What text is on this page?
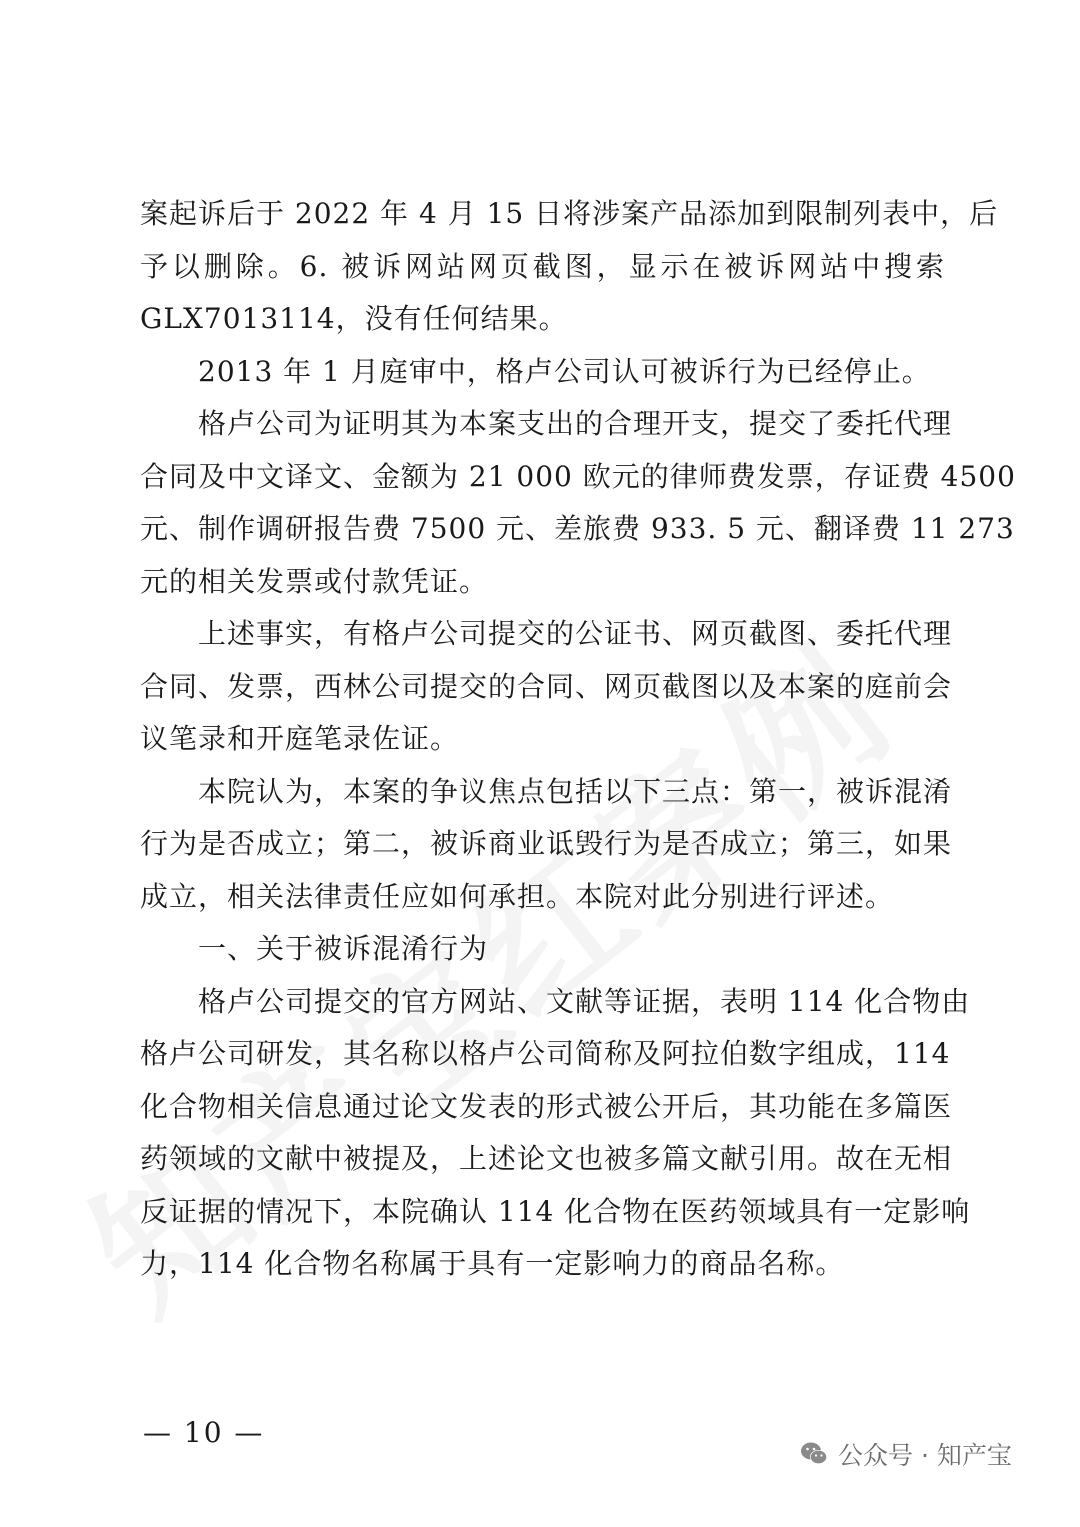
案起诉后于 2022 年 4 月 15 日将涉案产品添加到限制列表中，后
予以删除。6. 被诉网站网页截图，显示在被诉网站中搜索
GLX7013114，没有任何结果。
2013 年 1 月庭审中，格卢公司认可被诉行为已经停止。
格卢公司为证明其为本案支出的合理开支，提交了委托代理
合同及中文译文、金额为 21 000 欧元的律师费发票，存证费 4500
元、制作调研报告费 7500 元、差旅费 933. 5 元、翻译费 11 273
元的相关发票或付款凭证。
上述事实，有格卢公司提交的公证书、网页截图、委托代理
合同、发票，西林公司提交的合同、网页截图以及本案的庭前会
议笔录和开庭笔录佐证。
本院认为，本案的争议焦点包括以下三点：第一，被诉混淆
行为是否成立；第二，被诉商业诋毁行为是否成立；第三，如果
成立，相关法律责任应如何承担。本院对此分别进行评述。
一、关于被诉混淆行为
格卢公司提交的官方网站、文献等证据，表明 114 化合物由
格卢公司研发，其名称以格卢公司简称及阿拉伯数字组成，114
化合物相关信息通过论文发表的形式被公开后，其功能在多篇医
药领域的文献中被提及，上述论文也被多篇文献引用。故在无相
反证据的情况下，本院确认 114 化合物在医药领域具有一定影响
力，114 化合物名称属于具有一定影响力的商品名称。
— 10 —
公众号 · 知产宝
